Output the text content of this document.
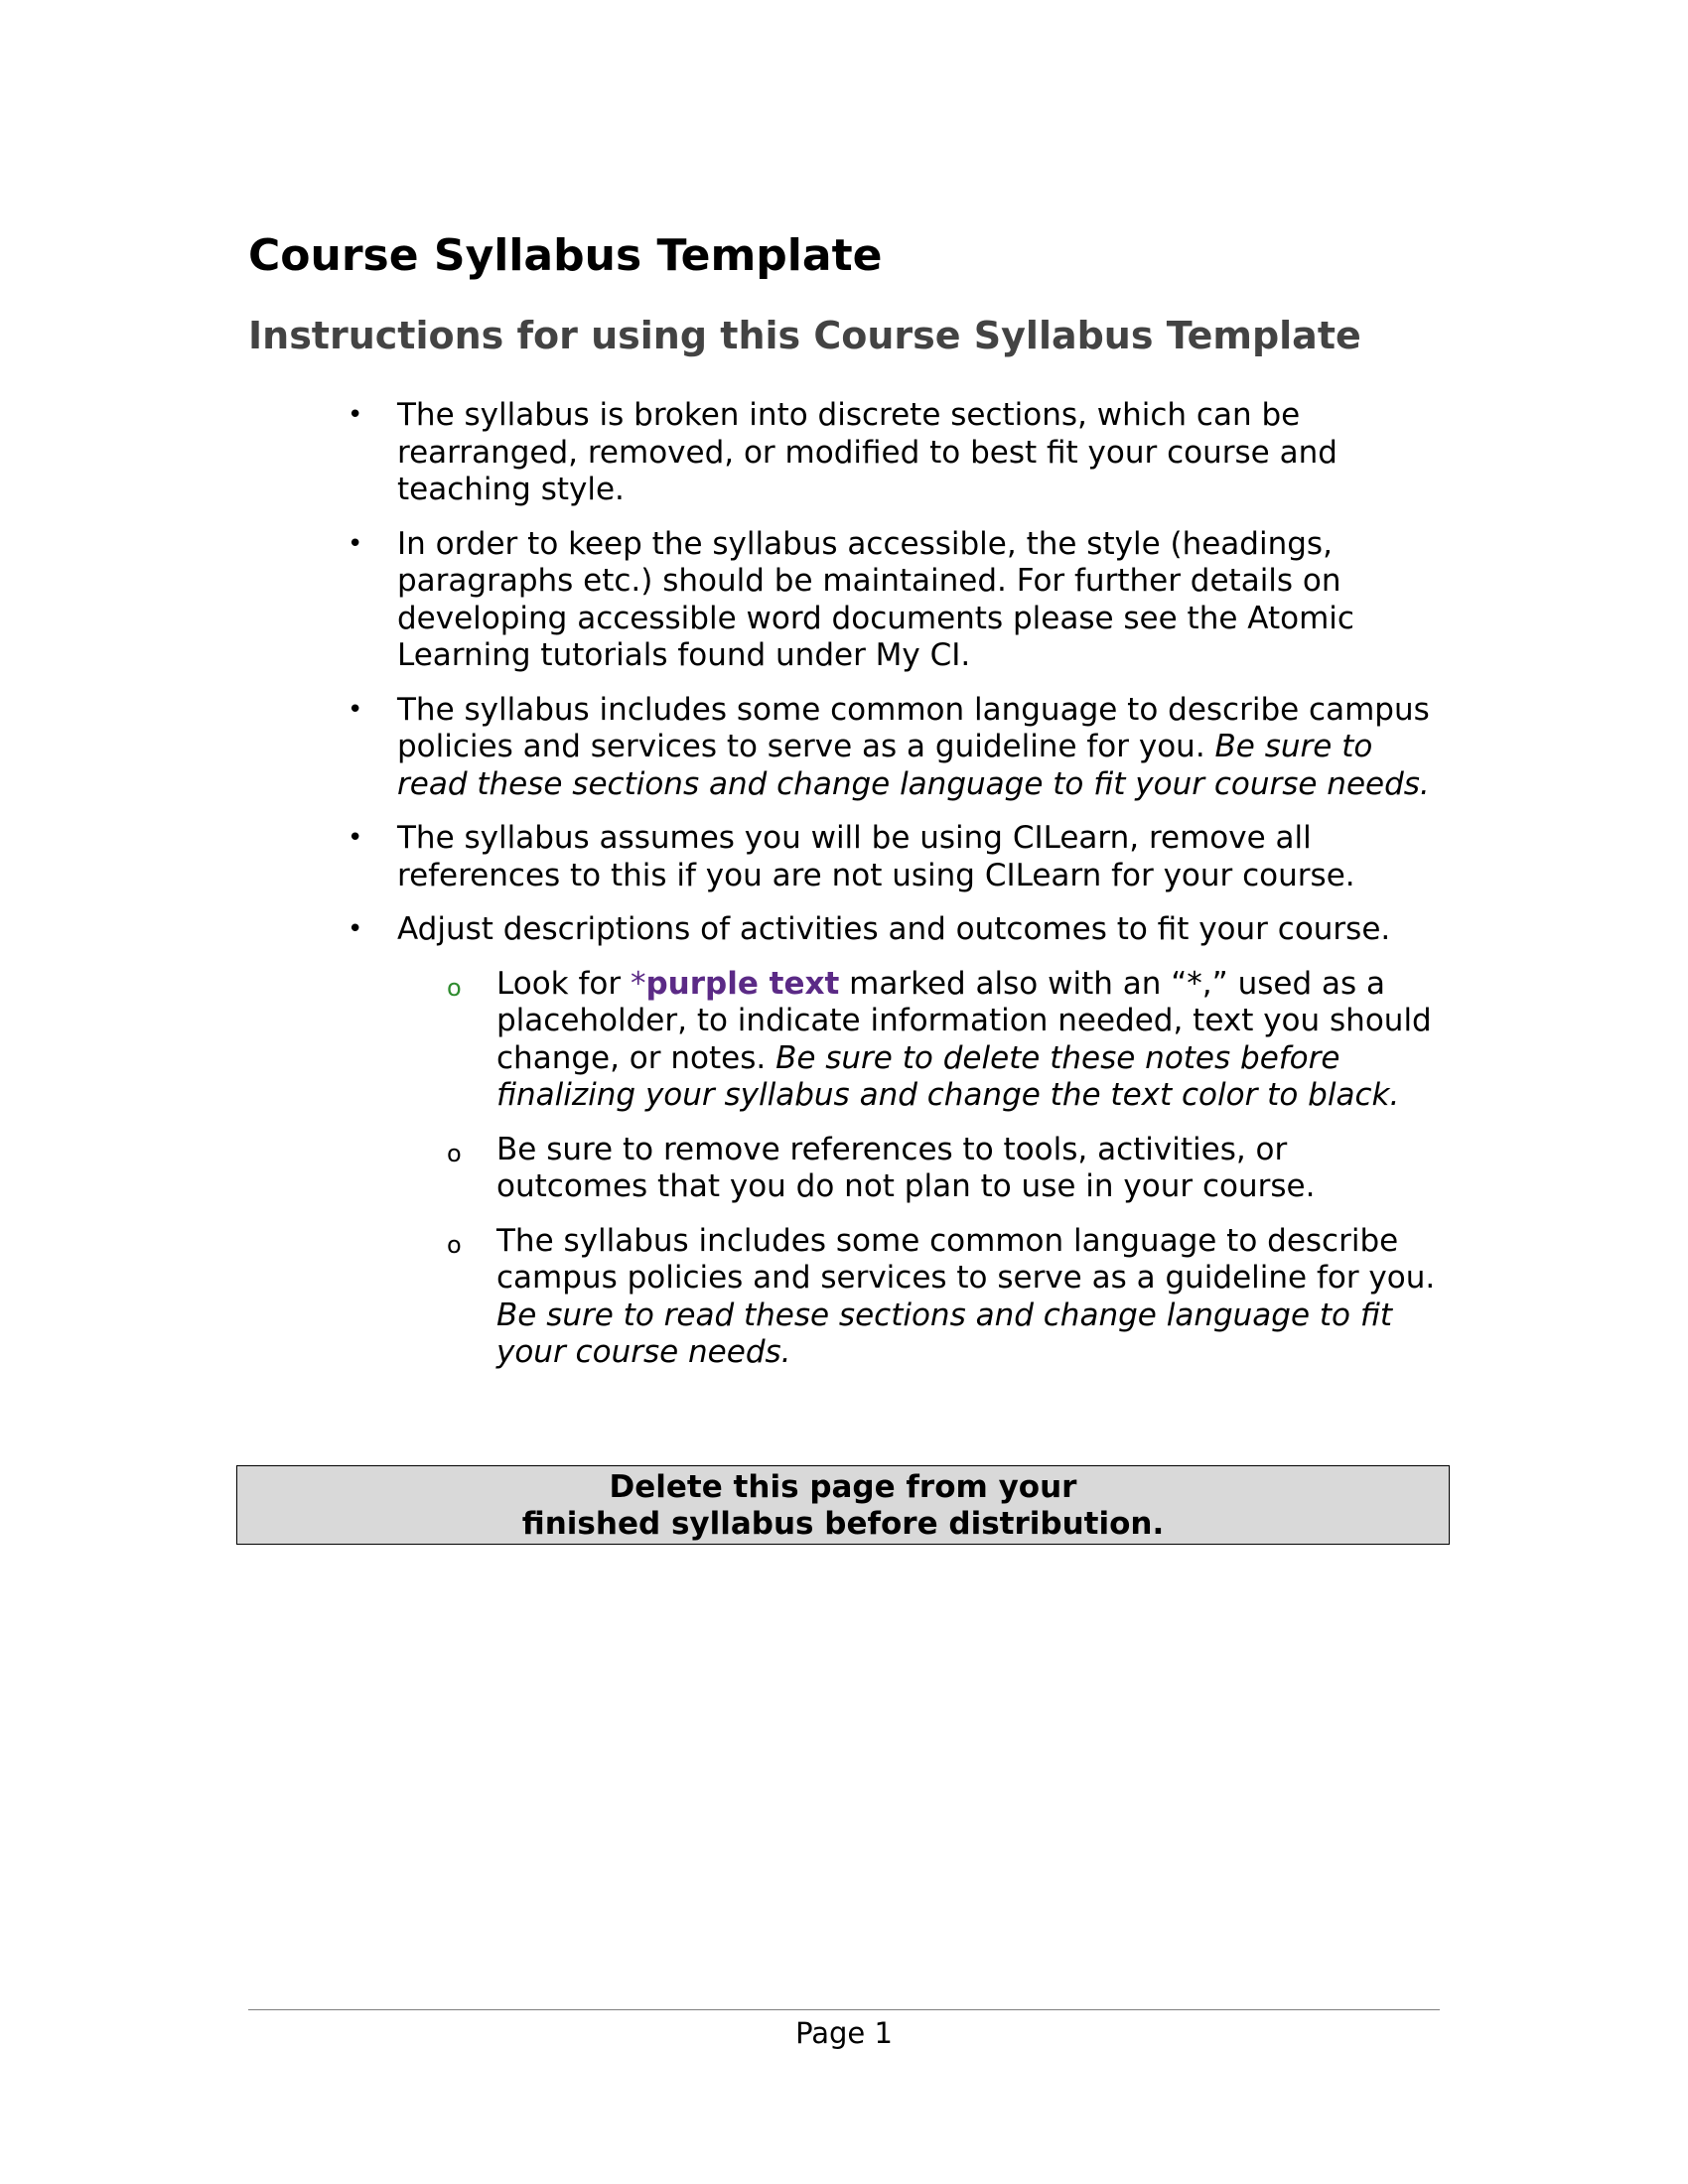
Course Syllabus Template
Instructions for using this Course Syllabus Template
• The syllabus is broken into discrete sections, which can be rearranged, removed, or modified to best fit your course and teaching style.
• In order to keep the syllabus accessible, the style (headings, paragraphs etc.) should be maintained. For further details on developing accessible word documents please see the Atomic Learning tutorials found under My CI.
• The syllabus includes some common language to describe campus policies and services to serve as a guideline for you. Be sure to read these sections and change language to fit your course needs.
• The syllabus assumes you will be using CILearn, remove all references to this if you are not using CILearn for your course.
• Adjust descriptions of activities and outcomes to fit your course.
o Look for *purple text marked also with an “*,” used as a placeholder, to indicate information needed, text you should change, or notes. Be sure to delete these notes before finalizing your syllabus and change the text color to black.
o Be sure to remove references to tools, activities, or outcomes that you do not plan to use in your course.
o The syllabus includes some common language to describe campus policies and services to serve as a guideline for you. Be sure to read these sections and change language to fit your course needs.
Delete this page from your
finished syllabus before distribution.
Page 1
